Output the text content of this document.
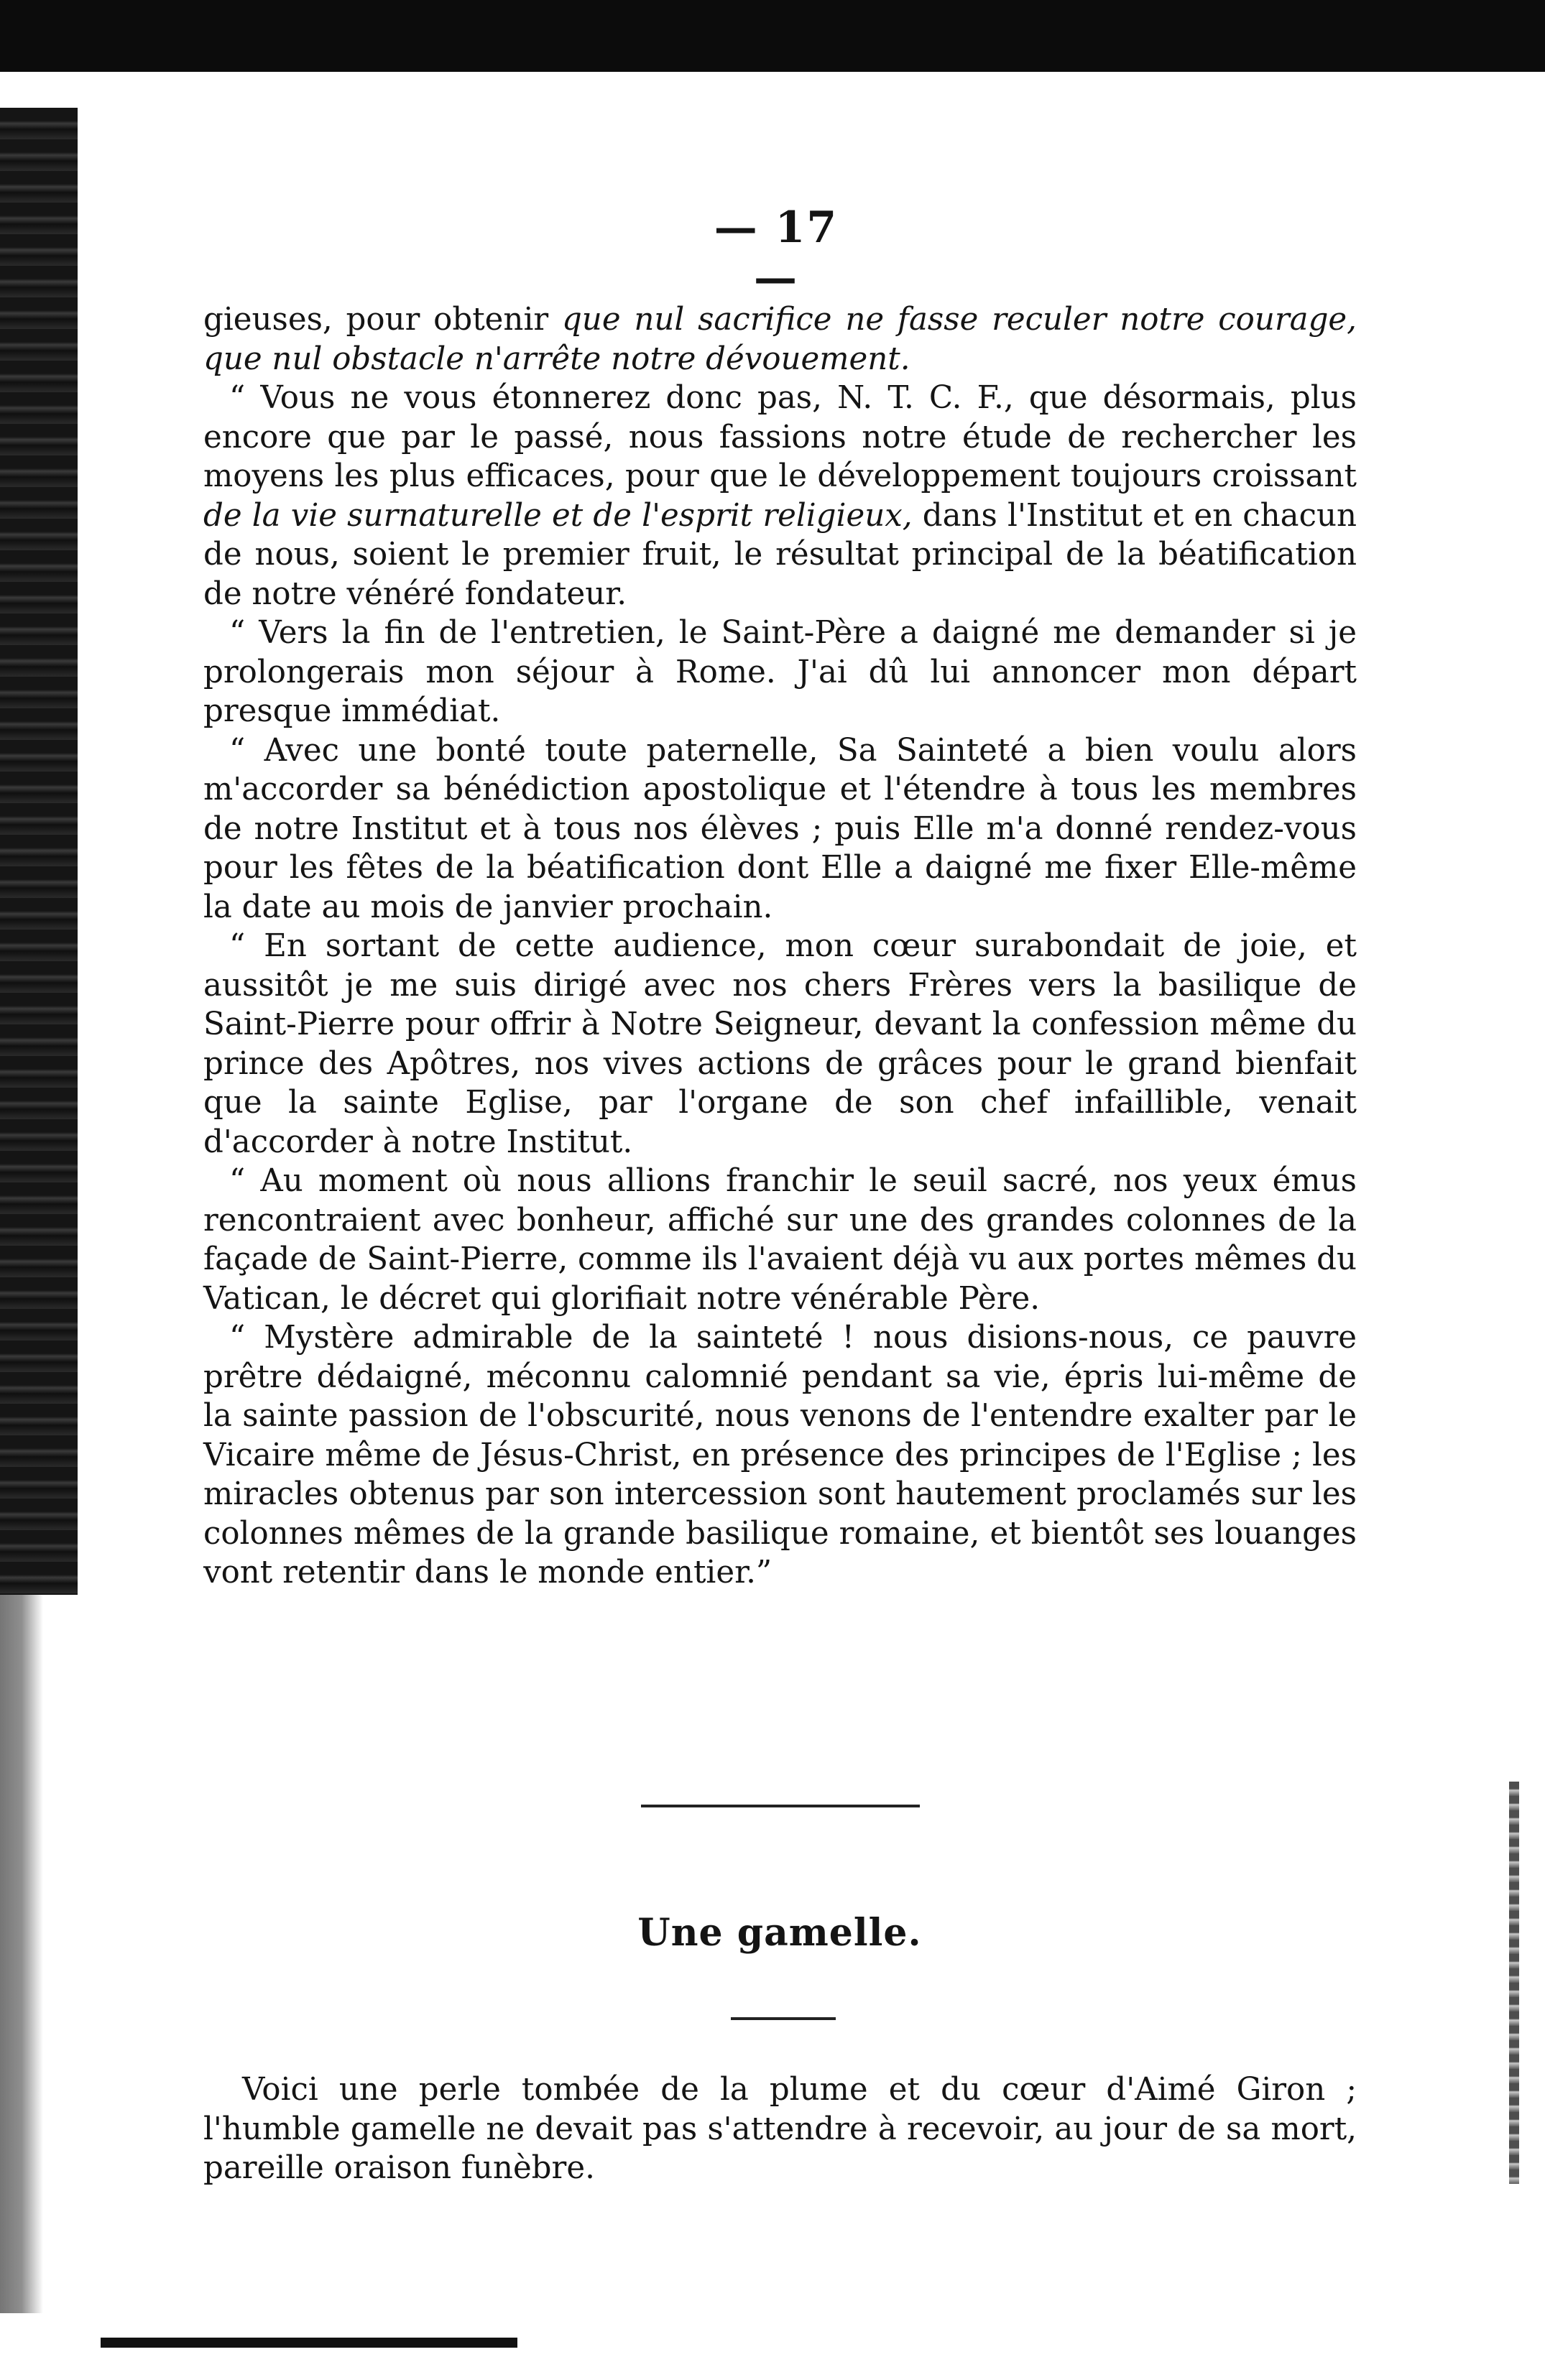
— 17 —

gieuses, pour obtenir que nul sacrifice ne fasse reculer notre courage, que nul obstacle n'arrête notre dévouement.

“ Vous ne vous étonnerez donc pas, N. T. C. F., que désormais, plus encore que par le passé, nous fassions notre étude de rechercher les moyens les plus efficaces, pour que le développement toujours croissant de la vie surnaturelle et de l'esprit religieux, dans l'Institut et en chacun de nous, soient le premier fruit, le résultat principal de la béatification de notre vénéré fondateur.

“ Vers la fin de l'entretien, le Saint-Père a daigné me demander si je prolongerais mon séjour à Rome. J'ai dû lui annoncer mon départ presque immédiat.

“ Avec une bonté toute paternelle, Sa Sainteté a bien voulu alors m'accorder sa bénédiction apostolique et l'étendre à tous les membres de notre Institut et à tous nos élèves ; puis Elle m'a donné rendez-vous pour les fêtes de la béatification dont Elle a daigné me fixer Elle-même la date au mois de janvier prochain.

“ En sortant de cette audience, mon cœur surabondait de joie, et aussitôt je me suis dirigé avec nos chers Frères vers la basilique de Saint-Pierre pour offrir à Notre Seigneur, devant la confession même du prince des Apôtres, nos vives actions de grâces pour le grand bienfait que la sainte Eglise, par l'organe de son chef infaillible, venait d'accorder à notre Institut.

“ Au moment où nous allions franchir le seuil sacré, nos yeux émus rencontraient avec bonheur, affiché sur une des grandes colonnes de la façade de Saint-Pierre, comme ils l'avaient déjà vu aux portes mêmes du Vatican, le décret qui glorifiait notre vénérable Père.

“ Mystère admirable de la sainteté ! nous disions-nous, ce pauvre prêtre dédaigné, méconnu calomnié pendant sa vie, épris lui-même de la sainte passion de l'obscurité, nous venons de l'entendre exalter par le Vicaire même de Jésus-Christ, en présence des principes de l'Eglise ; les miracles obtenus par son intercession sont hautement proclamés sur les colonnes mêmes de la grande basilique romaine, et bientôt ses louanges vont retentir dans le monde entier.”

Une gamelle.

Voici une perle tombée de la plume et du cœur d'Aimé Giron ; l'humble gamelle ne devait pas s'attendre à recevoir, au jour de sa mort, pareille oraison funèbre.
